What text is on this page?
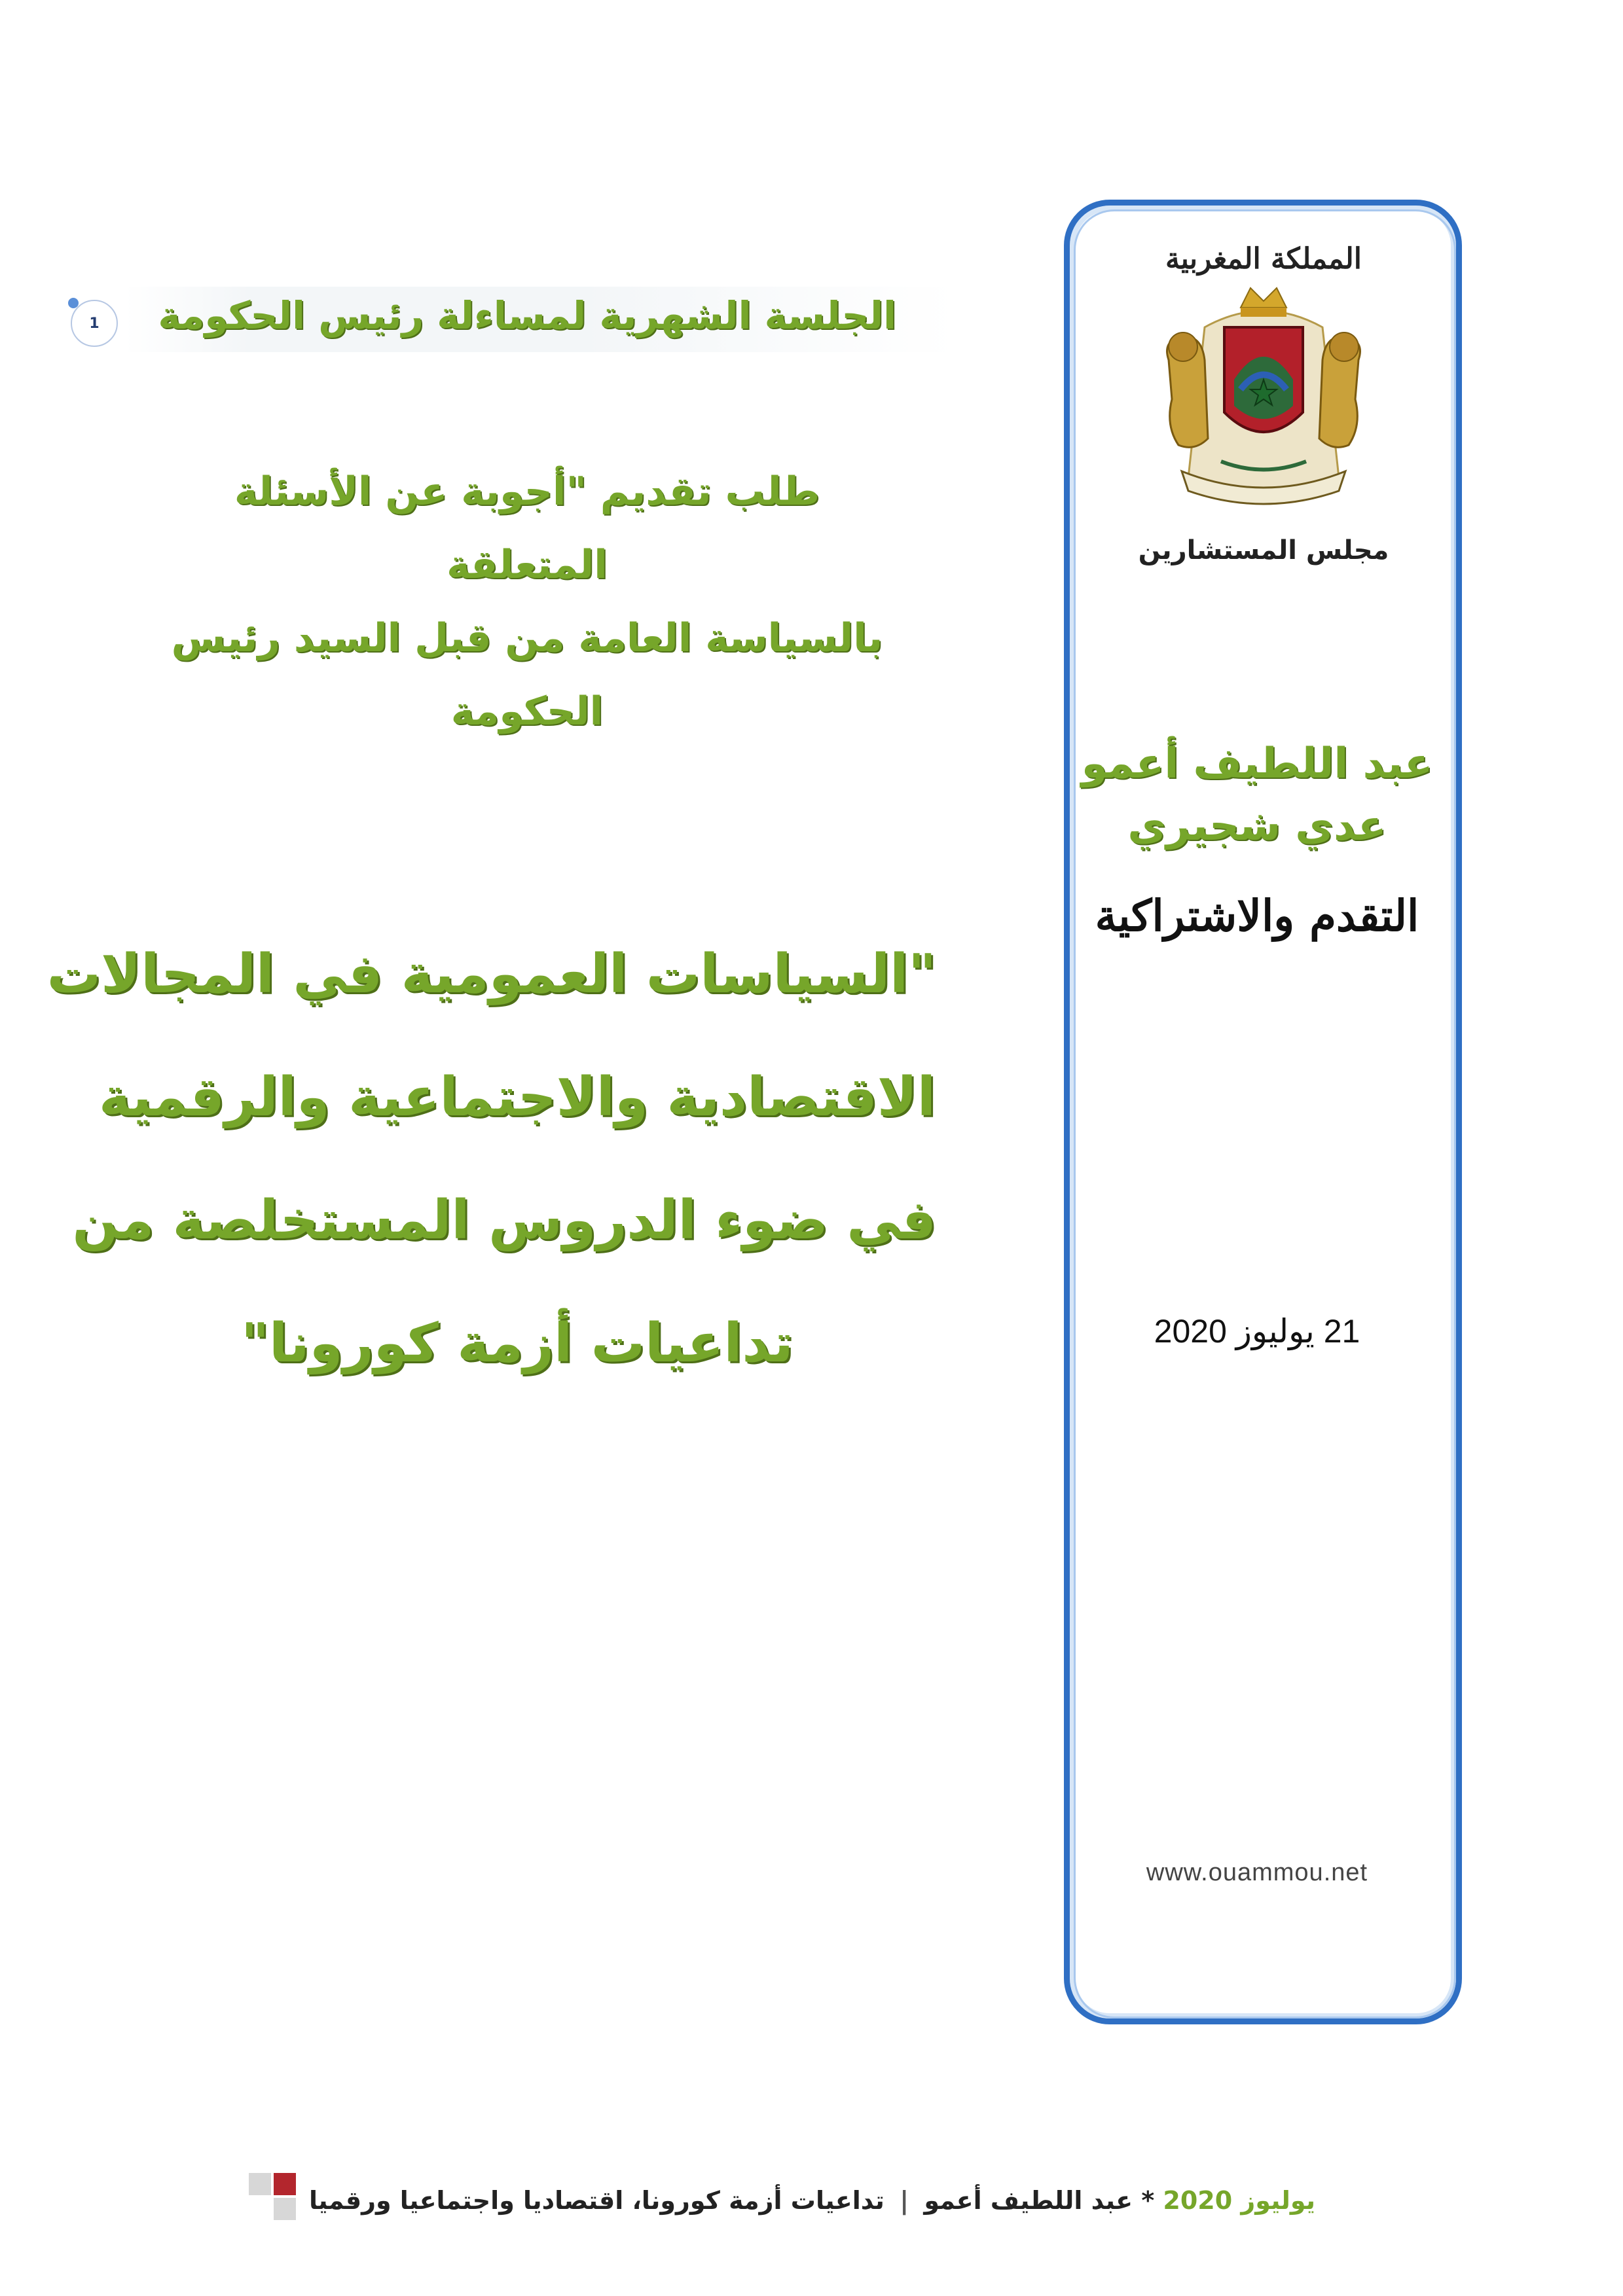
الجلسة الشهرية لمساءلة رئيس الحكومة
1
طلب تقديم "أجوبة عن الأسئلة المتعلقة
بالسياسة العامة من قبل السيد رئيس
الحكومة
"السياسات العمومية في المجالات
الاقتصادية والاجتماعية والرقمية
في ضوء الدروس المستخلصة من
تداعيات أزمة كورونا"
المملكة المغربية
مجلس المستشارين
عبد اللطيف أعمو
عدي شجيري
التقدم والاشتراكية
21 يوليوز 2020
www.ouammou.net
يوليوز 2020 * عبد اللطيف أعمو | تداعيات أزمة كورونا، اقتصاديا واجتماعيا ورقميا
